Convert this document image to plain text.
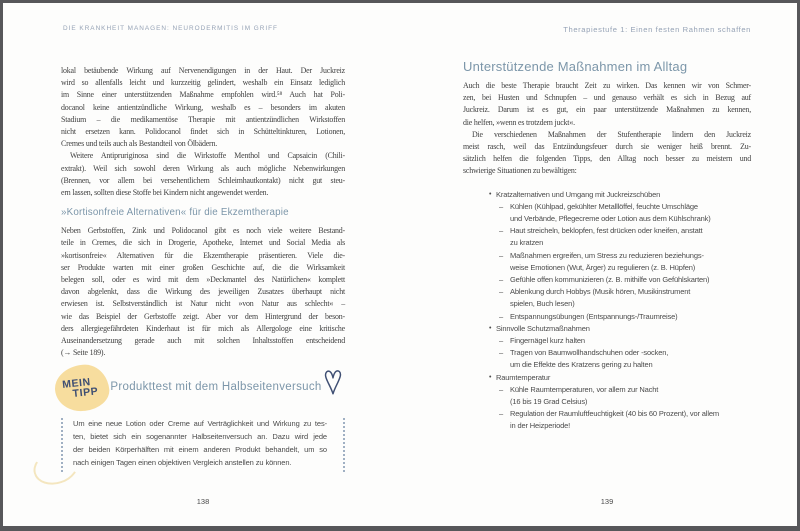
DIE KRANKHEIT MANAGEN: NEURODERMITIS IM GRIFF
lokal betäubende Wirkung auf Nervenendigungen in der Haut. Der Juckreiz
wird so allenfalls leicht und kurzzeitig gelindert, weshalb ein Einsatz lediglich
im Sinne einer unterstützenden Maßnahme empfohlen wird.⁵⁸ Auch hat Poli-
docanol keine antientzündliche Wirkung, weshalb es – besonders im akuten
Stadium – die medikamentöse Therapie mit antientzündlichen Wirkstoffen
nicht ersetzen kann. Polidocanol findet sich in Schütteltinkturen, Lotionen,
Cremes und teils auch als Bestandteil von Ölbädern.
Weitere Antipruriginosa sind die Wirkstoffe Menthol und Capsaicin (Chili-
extrakt). Weil sich sowohl deren Wirkung als auch mögliche Nebenwirkungen
(Brennen, vor allem bei versehentlichem Schleimhautkontakt) nicht gut steu-
ern lassen, sollten diese Stoffe bei Kindern nicht angewendet werden.
»Kortisonfreie Alternativen« für die Ekzemtherapie
Neben Gerbstoffen, Zink und Polidocanol gibt es noch viele weitere Bestand-
teile in Cremes, die sich in Drogerie, Apotheke, Internet und Social Media als
»kortisonfreie« Alternativen für die Ekzemtherapie präsentieren. Viele die-
ser Produkte warten mit einer großen Geschichte auf, die die Wirksamkeit
belegen soll, oder es wird mit dem »Deckmantel des Natürlichen« komplett
davon abgelenkt, dass die Wirkung des jeweiligen Zusatzes überhaupt nicht
erwiesen ist. Selbstverständlich ist Natur nicht »von Natur aus schlecht« –
wie das Beispiel der Gerbstoffe zeigt. Aber vor dem Hintergrund der beson-
ders allergiegefährdeten Kinderhaut ist für mich als Allergologe eine kritische
Auseinandersetzung gerade auch mit solchen Inhaltsstoffen entscheidend
(→ Seite 189).
MEIN
TIPP Produkttest mit dem Halbseitenversuch
Um eine neue Lotion oder Creme auf Verträglichkeit und Wirkung zu tes-
ten, bietet sich ein sogenannter Halbseitenversuch an. Dazu wird jede
der beiden Körperhälften mit einem anderen Produkt behandelt, um so
nach einigen Tagen einen objektiven Vergleich anstellen zu können.
138
Therapiestufe 1: Einen festen Rahmen schaffen
Unterstützende Maßnahmen im Alltag
Auch die beste Therapie braucht Zeit zu wirken. Das kennen wir von Schmer-
zen, bei Husten und Schnupfen – und genauso verhält es sich in Bezug auf
Juckreiz. Darum ist es gut, ein paar unterstützende Maßnahmen zu kennen,
die helfen, »wenn es trotzdem juckt«.
Die verschiedenen Maßnahmen der Stufentherapie lindern den Juckreiz
meist rasch, weil das Entzündungsfeuer durch sie weniger heiß brennt. Zu-
sätzlich helfen die folgenden Tipps, den Alltag noch besser zu meistern und
schwierige Situationen zu bewältigen:
• Kratzalternativen und Umgang mit Juckreizschüben
– Kühlen (Kühlpad, gekühlter Metalllöffel, feuchte Umschläge
und Verbände, Pflegecreme oder Lotion aus dem Kühlschrank)
– Haut streicheln, beklopfen, fest drücken oder kneifen, anstatt
zu kratzen
– Maßnahmen ergreifen, um Stress zu reduzieren beziehungs-
weise Emotionen (Wut, Ärger) zu regulieren (z. B. Hüpfen)
– Gefühle offen kommunizieren (z. B. mithilfe von Gefühlskarten)
– Ablenkung durch Hobbys (Musik hören, Musikinstrument
spielen, Buch lesen)
– Entspannungsübungen (Entspannungs-/Traumreise)
• Sinnvolle Schutzmaßnahmen
– Fingernägel kurz halten
– Tragen von Baumwollhandschuhen oder -socken,
um die Effekte des Kratzens gering zu halten
• Raumtemperatur
– Kühle Raumtemperaturen, vor allem zur Nacht
(16 bis 19 Grad Celsius)
– Regulation der Raumluftfeuchtigkeit (40 bis 60 Prozent), vor allem
in der Heizperiode!
139
